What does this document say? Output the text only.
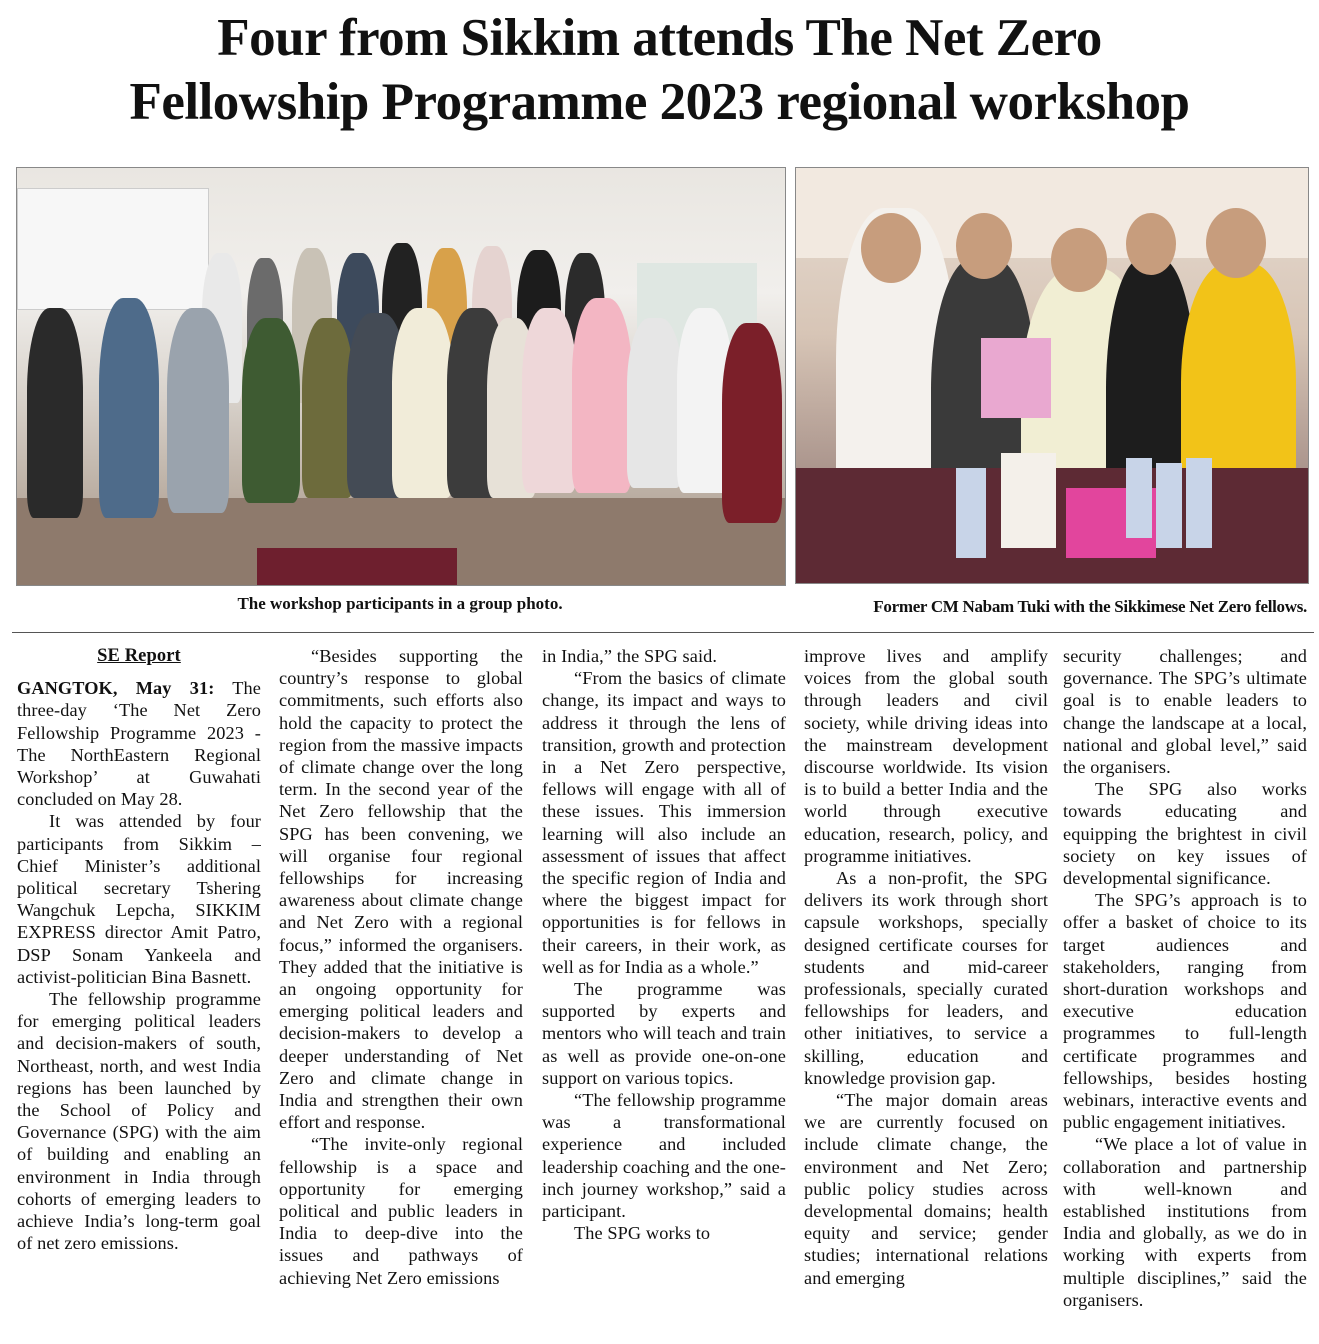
Four from Sikkim attends The Net Zero
Fellowship Programme 2023 regional workshop
The workshop participants in a group photo.	Former CM Nabam Tuki with the Sikkimese Net Zero fellows.
SE Report

GANGTOK, May 31: The three-day ‘The Net Zero Fellowship Programme 2023 - The NorthEastern Regional Workshop’ at Guwahati concluded on May 28.

It was attended by four participants from Sikkim – Chief Minister’s additional political secretary Tshering Wangchuk Lepcha, SIKKIM EXPRESS director Amit Patro, DSP Sonam Yankeela and activist-politician Bina Basnett.

The fellowship programme for emerging political leaders and decision-makers of south, Northeast, north, and west India regions has been launched by the School of Policy and Governance (SPG) with the aim of building and enabling an environment in India through cohorts of emerging leaders to achieve India’s long-term goal of net zero emissions.

“Besides supporting the country’s response to global commitments, such efforts also hold the capacity to protect the region from the massive impacts of climate change over the long term. In the second year of the Net Zero fellowship that the SPG has been convening, we will organise four regional fellowships for increasing awareness about climate change and Net Zero with a regional focus,” informed the organisers. They added that the initiative is an ongoing opportunity for emerging political leaders and decision-makers to develop a deeper understanding of Net Zero and climate change in India and strengthen their own effort and response.

“The invite-only regional fellowship is a space and opportunity for emerging political and public leaders in India to deep-dive into the issues and pathways of achieving Net Zero emissions

in India,” the SPG said.

“From the basics of climate change, its impact and ways to address it through the lens of transition, growth and protection in a Net Zero perspective, fellows will engage with all of these issues. This immersion learning will also include an assessment of issues that affect the specific region of India and where the biggest impact for opportunities is for fellows in their careers, in their work, as well as for India as a whole.”

The programme was supported by experts and mentors who will teach and train as well as provide one-on-one support on various topics.

“The fellowship programme was a transformational experience and included leadership coaching and the one-inch journey workshop,” said a participant.

The SPG works to

improve lives and amplify voices from the global south through leaders and civil society, while driving ideas into the mainstream development discourse worldwide. Its vision is to build a better India and the world through executive education, research, policy, and programme initiatives.

As a non-profit, the SPG delivers its work through short capsule workshops, specially designed certificate courses for students and mid-career professionals, specially curated fellowships for leaders, and other initiatives, to service a skilling, education and knowledge provision gap.

“The major domain areas we are currently focused on include climate change, the environment and Net Zero; public policy studies across developmental domains; health equity and service; gender studies; international relations and emerging

security challenges; and governance. The SPG’s ultimate goal is to enable leaders to change the landscape at a local, national and global level,” said the organisers.

The SPG also works towards educating and equipping the brightest in civil society on key issues of developmental significance.

The SPG’s approach is to offer a basket of choice to its target audiences and stakeholders, ranging from short-duration workshops and executive education programmes to full-length certificate programmes and fellowships, besides hosting webinars, interactive events and public engagement initiatives.

“We place a lot of value in collaboration and partnership with well-known and established institutions from India and globally, as we do in working with experts from multiple disciplines,” said the organisers.
